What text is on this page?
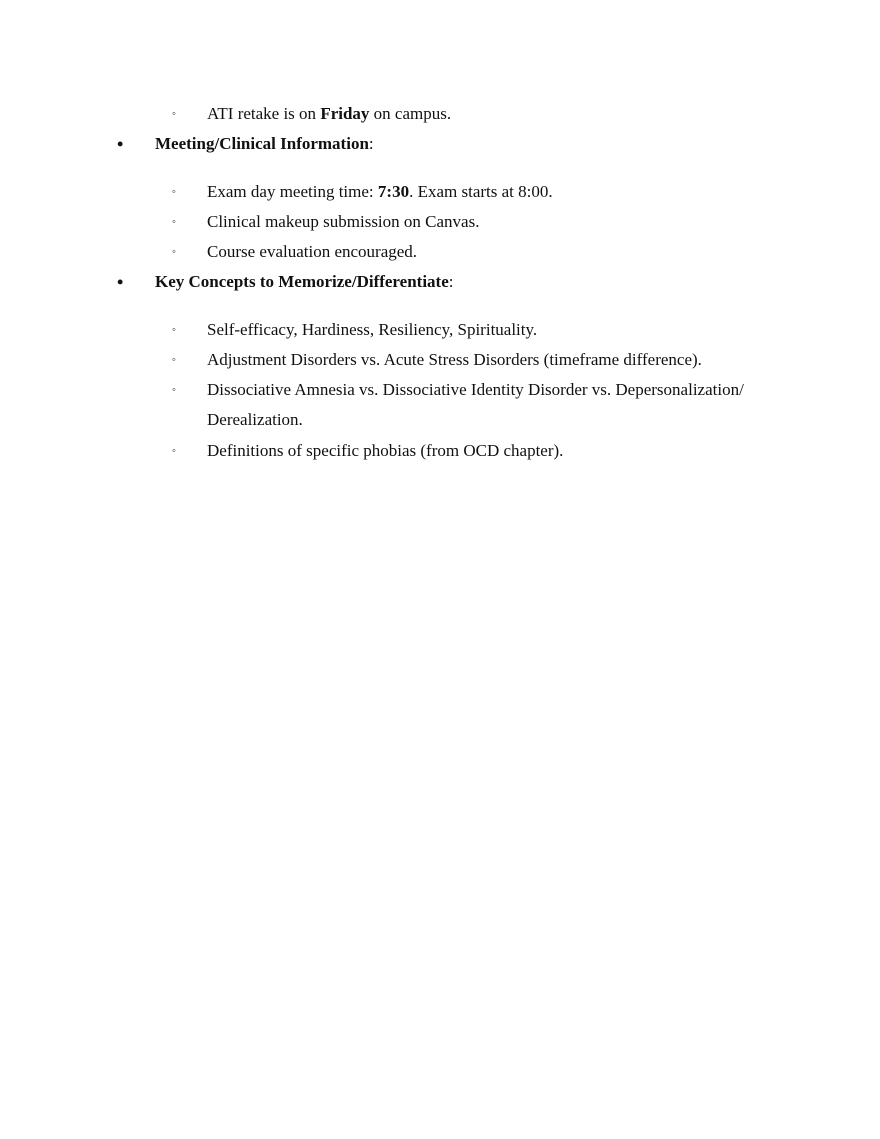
◦ ATI retake is on Friday on campus.
• Meeting/Clinical Information:
◦ Exam day meeting time: 7:30. Exam starts at 8:00.
◦ Clinical makeup submission on Canvas.
◦ Course evaluation encouraged.
• Key Concepts to Memorize/Differentiate:
◦ Self-efficacy, Hardiness, Resiliency, Spirituality.
◦ Adjustment Disorders vs. Acute Stress Disorders (timeframe difference).
◦ Dissociative Amnesia vs. Dissociative Identity Disorder vs. Depersonalization/
Derealization.
◦ Definitions of specific phobias (from OCD chapter).
